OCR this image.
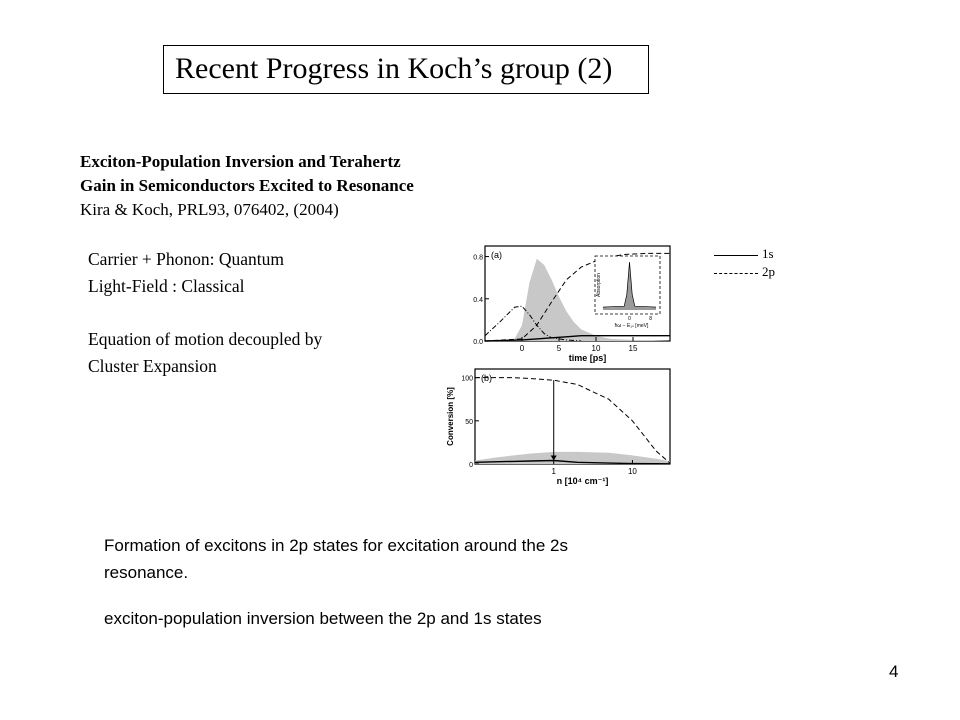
Recent Progress in Koch’s group (2)
Exciton-Population Inversion and Terahertz
Gain in Semiconductors Excited to Resonance
Kira & Koch, PRL93, 076402, (2004)
Carrier + Phonon: Quantum
Light-Field : Classical
Equation of motion decoupled by
Cluster Expansion
1s
2p
0	5	10	15
0.0
0.4
0.8 (a)
time [ps]
Absorption
0	8
ħω − E₁ₛ [meV]
1	10
0
50
100 (b)
n [10⁴ cm⁻¹]
Conversion [%]
Formation of excitons in 2p states for excitation around the 2s
resonance.
exciton-population inversion between the 2p and 1s states
4
